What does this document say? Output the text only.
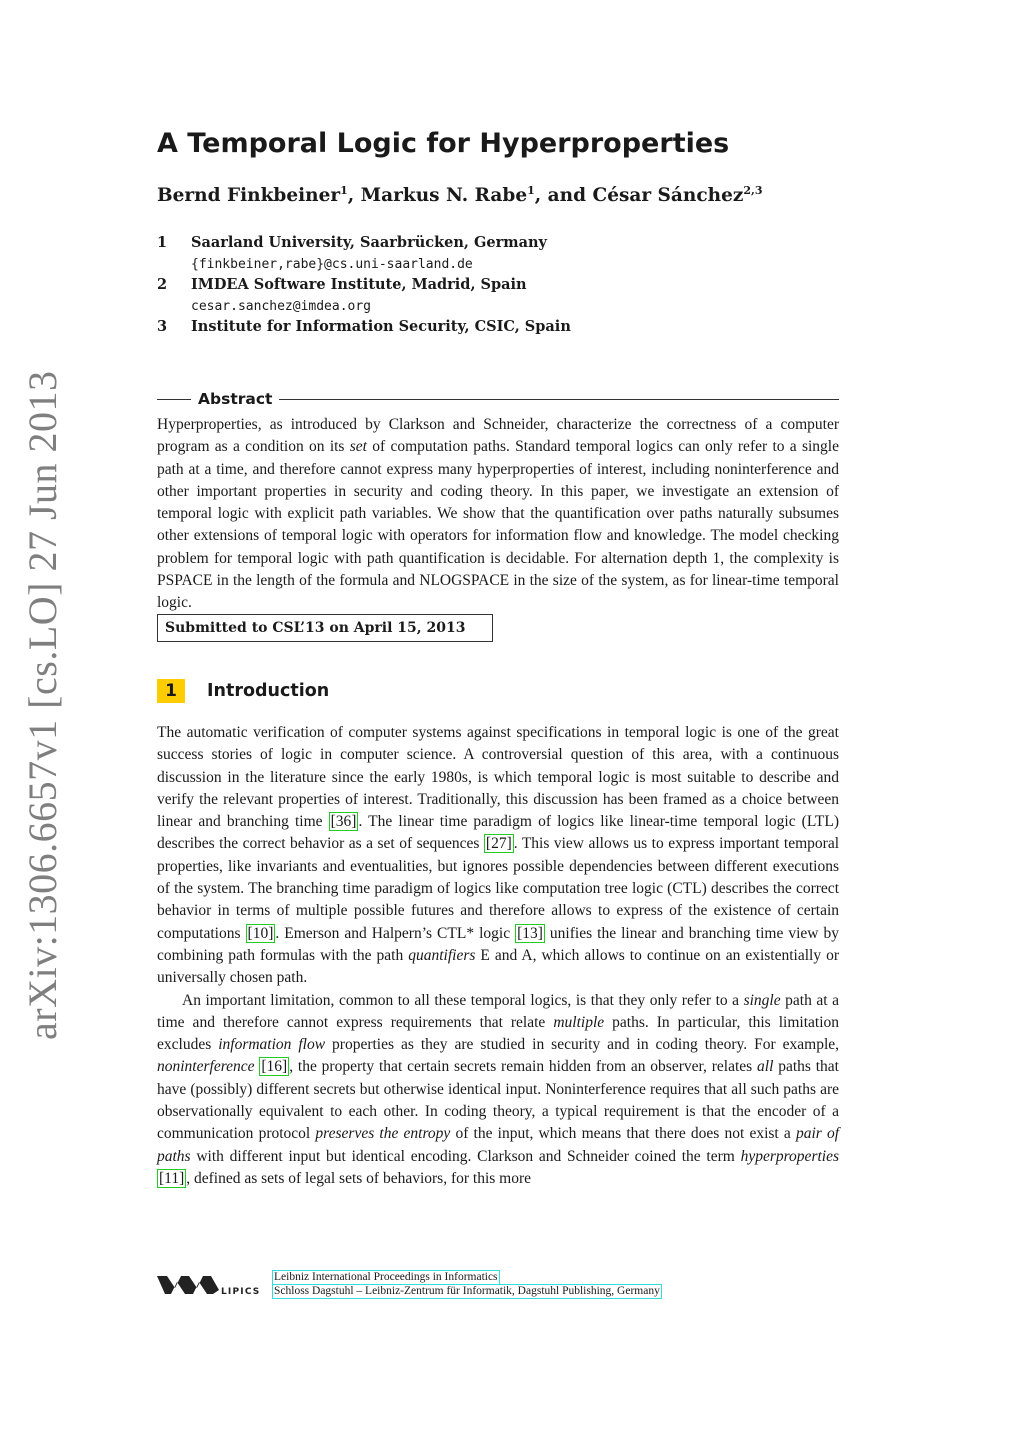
arXiv:1306.6657v1 [cs.LO] 27 Jun 2013
A Temporal Logic for Hyperproperties

Bernd Finkbeiner$^1$, Markus N. Rabe$^1$, and César Sánchez$^{2,3}$

1 Saarland University, Saarbrücken, Germany
{finkbeiner,rabe}@cs.uni-saarland.de
2 IMDEA Software Institute, Madrid, Spain
cesar.sanchez@imdea.org
3 Institute for Information Security, CSIC, Spain
Abstract

Hyperproperties, as introduced by Clarkson and Schneider, characterize the correctness of a computer program as a condition on its set of computation paths. Standard temporal logics can only refer to a single path at a time, and therefore cannot express many hyperproperties of interest, including noninterference and other important properties in security and coding theory. In this paper, we investigate an extension of temporal logic with explicit path variables. We show that the quantification over paths naturally subsumes other extensions of temporal logic with operators for information flow and knowledge. The model checking problem for temporal logic with path quantification is decidable. For alternation depth 1, the complexity is PSPACE in the length of the formula and NLOGSPACE in the size of the system, as for linear-time temporal logic.

Submitted to CSL’13 on April 15, 2013
1	Introduction

The automatic verification of computer systems against specifications in temporal logic is one of the great success stories of logic in computer science. A controversial question of this area, with a continuous discussion in the literature since the early 1980s, is which temporal logic is most suitable to describe and verify the relevant properties of interest. Traditionally, this discussion has been framed as a choice between linear and branching time [36] . The linear time paradigm of logics like linear-time temporal logic (LTL) describes the correct behavior as a set of sequences [27] . This view allows us to express important temporal properties, like invariants and eventualities, but ignores possible dependencies between different executions of the system. The branching time paradigm of logics like computation tree logic (CTL) describes the correct behavior in terms of multiple possible futures and therefore allows to express of the existence of certain computations [10] . Emerson and Halpern’s CTL* logic [13] unifies the linear and branching time view by combining path formulas with the path quantifiers E and A, which allows to continue on an existentially or universally chosen path.

An important limitation, common to all these temporal logics, is that they only refer to a single path at a time and therefore cannot express requirements that relate multiple paths. In particular, this limitation excludes information flow properties as they are studied in security and in coding theory. For example, noninterference [16] , the property that certain secrets remain hidden from an observer, relates all paths that have (possibly) different secrets but otherwise identical input. Noninterference requires that all such paths are observationally equivalent to each other. In coding theory, a typical requirement is that the encoder of a communication protocol preserves the entropy of the input, which means that there does not exist a pair of paths with different input but identical encoding. Clarkson and Schneider coined the term hyperproperties [11] , defined as sets of legal sets of behaviors, for this more

LIPICS
Leibniz International Proceedings in Informatics
Schloss Dagstuhl – Leibniz-Zentrum für Informatik, Dagstuhl Publishing, Germany
